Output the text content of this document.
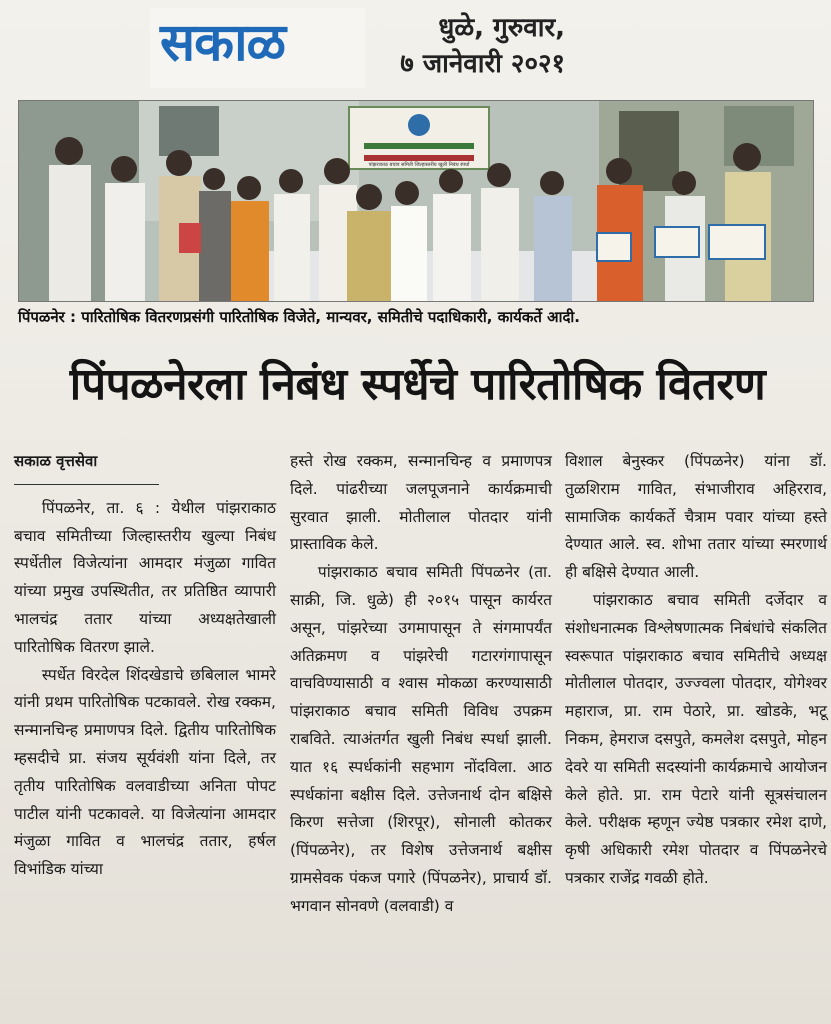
सकाळ	धुळे, गुरुवार,
७ जानेवारी २०२१
पांझराकाठ बचाव समिती जिल्हास्तरीय खुली निबंध स्पर्धा
पिंपळनेर : पारितोषिक वितरणप्रसंगी पारितोषिक विजेते, मान्यवर, समितीचे पदाधिकारी, कार्यकर्ते आदी.
पिंपळनेरला निबंध स्पर्धेचे पारितोषिक वितरण
सकाळ वृत्तसेवा

पिंपळनेर, ता. ६ : येथील पांझराकाठ बचाव समितीच्या जिल्हास्तरीय खुल्या निबंध स्पर्धेतील विजेत्यांना आमदार मंजुळा गावित यांच्या प्रमुख उपस्थितीत, तर प्रतिष्ठित व्यापारी भालचंद्र ततार यांच्या अध्यक्षतेखाली पारितोषिक वितरण झाले.

स्पर्धेत विरदेल शिंदखेडाचे छबिलाल भामरे यांनी प्रथम पारितोषिक पटकावले. रोख रक्कम, सन्मानचिन्ह प्रमाणपत्र दिले. द्वितीय पारितोषिक म्हसदीचे प्रा. संजय सूर्यवंशी यांना दिले, तर तृतीय पारितोषिक वलवाडीच्या अनिता पोपट पाटील यांनी पटकावले. या विजेत्यांना आमदार मंजुळा गावित व भालचंद्र ततार, हर्षल विभांडिक यांच्या

हस्ते रोख रक्कम, सन्मानचिन्ह व प्रमाणपत्र दिले. पांढरीच्या जलपूजनाने कार्यक्रमाची सुरवात झाली. मोतीलाल पोतदार यांनी प्रास्ताविक केले.

पांझराकाठ बचाव समिती पिंपळनेर (ता. साक्री, जि. धुळे) ही २०१५ पासून कार्यरत असून, पांझरेच्या उगमापासून ते संगमापर्यंत अतिक्रमण व पांझरेची गटारगंगापासून वाचविण्यासाठी व श्वास मोकळा करण्यासाठी पांझराकाठ बचाव समिती विविध उपक्रम राबविते. त्याअंतर्गत खुली निबंध स्पर्धा झाली. यात १६ स्पर्धकांनी सहभाग नोंदविला. आठ स्पर्धकांना बक्षीस दिले. उत्तेजनार्थ दोन बक्षिसे किरण सत्तेजा (शिरपूर), सोनाली कोतकर (पिंपळनेर), तर विशेष उत्तेजनार्थ बक्षीस ग्रामसेवक पंकज पगारे (पिंपळनेर), प्राचार्य डॉ. भगवान सोनवणे (वलवाडी) व

विशाल बेनुस्कर (पिंपळनेर) यांना डॉ. तुळशिराम गावित, संभाजीराव अहिरराव, सामाजिक कार्यकर्ते चैत्राम पवार यांच्या हस्ते देण्यात आले. स्व. शोभा ततार यांच्या स्मरणार्थ ही बक्षिसे देण्यात आली.

पांझराकाठ बचाव समिती दर्जेदार व संशोधनात्मक विश्लेषणात्मक निबंधांचे संकलित स्वरूपात पांझराकाठ बचाव समितीचे अध्यक्ष मोतीलाल पोतदार, उज्ज्वला पोतदार, योगेश्वर महाराज, प्रा. राम पेठारे, प्रा. खोडके, भटू निकम, हेमराज दसपुते, कमलेश दसपुते, मोहन देवरे या समिती सदस्यांनी कार्यक्रमाचे आयोजन केले होते. प्रा. राम पेटारे यांनी सूत्रसंचालन केले. परीक्षक म्हणून ज्येष्ठ पत्रकार रमेश दाणे, कृषी अधिकारी रमेश पोतदार व पिंपळनेरचे पत्रकार राजेंद्र गवळी होते.
